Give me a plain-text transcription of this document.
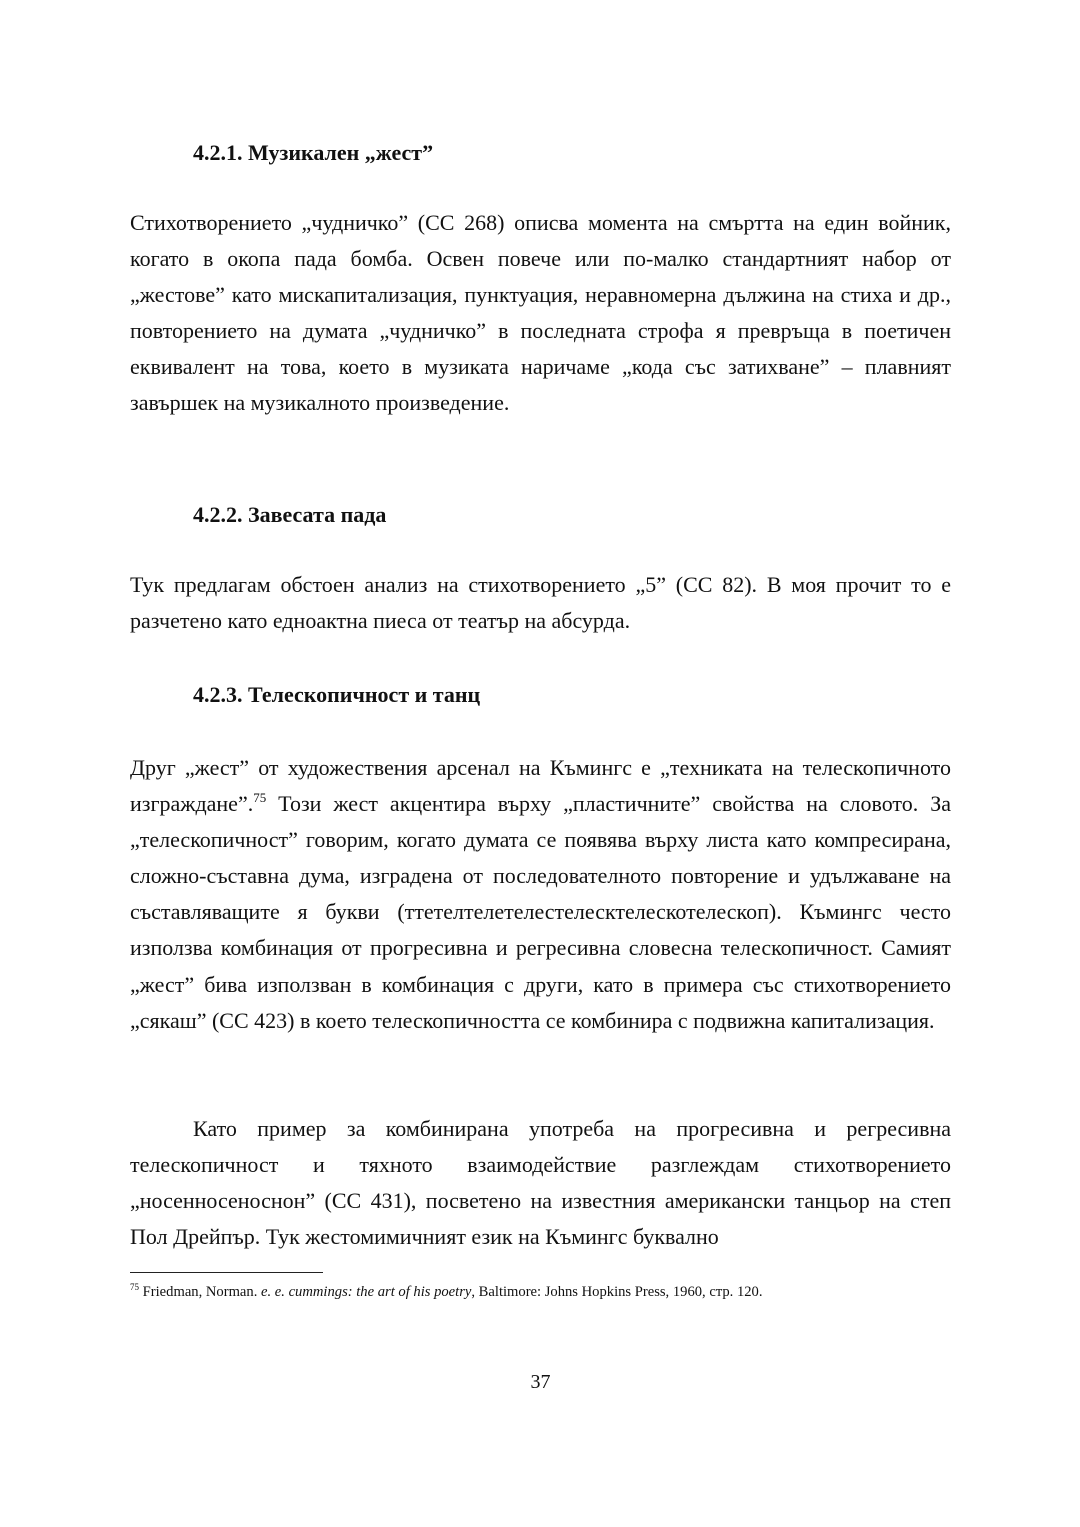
4.2.1. Музикален „жест”

Стихотворението „чудничко” (CC 268) описва момента на смъртта на един войник, когато в окопа пада бомба. Освен повече или по-малко стандартният набор от „жестове” като мискапитализация, пунктуация, неравномерна дължина на стиха и др., повторението на думата „чудничко” в последната строфа я превръща в поетичен еквивалент на това, което в музиката наричаме „кода със затихване” – плавният завършек на музикалното произведение.

4.2.2. Завесата пада

Тук предлагам обстоен анализ на стихотворението „5” (CC 82). В моя прочит то е разчетено като едноактна пиеса от театър на абсурда.

4.2.3. Телескопичност и танц

Друг „жест” от художествения арсенал на Къмингс е „техниката на телескопичното изграждане”.$^{75}$ Този жест акцентира върху „пластичните” свойства на словото. За „телескопичност” говорим, когато думата се появява върху листа като компресирана, сложно-съставна дума, изградена от последователното повторение и удължаване на съставляващите я букви (ттетелтелетелестелесктелескотелескоп). Къмингс често използва комбинация от прогресивна и регресивна словесна телескопичност. Самият „жест” бива използван в комбинация с други, като в примера със стихотворението „сякаш” (CC 423) в което телескопичността се комбинира с подвижна капитализация.

Като пример за комбинирана употреба на прогресивна и регресивна телескопичност и тяхното взаимодействие разглеждам стихотворението „носенносеноснон” (CC 431), посветено на известния американски танцьор на степ Пол Дрейпър. Тук жестомимичният език на Къмингс буквално

$^{75}$ Friedman, Norman. e. e. cummings: the art of his poetry, Baltimore: Johns Hopkins Press, 1960, стр. 120.

37
